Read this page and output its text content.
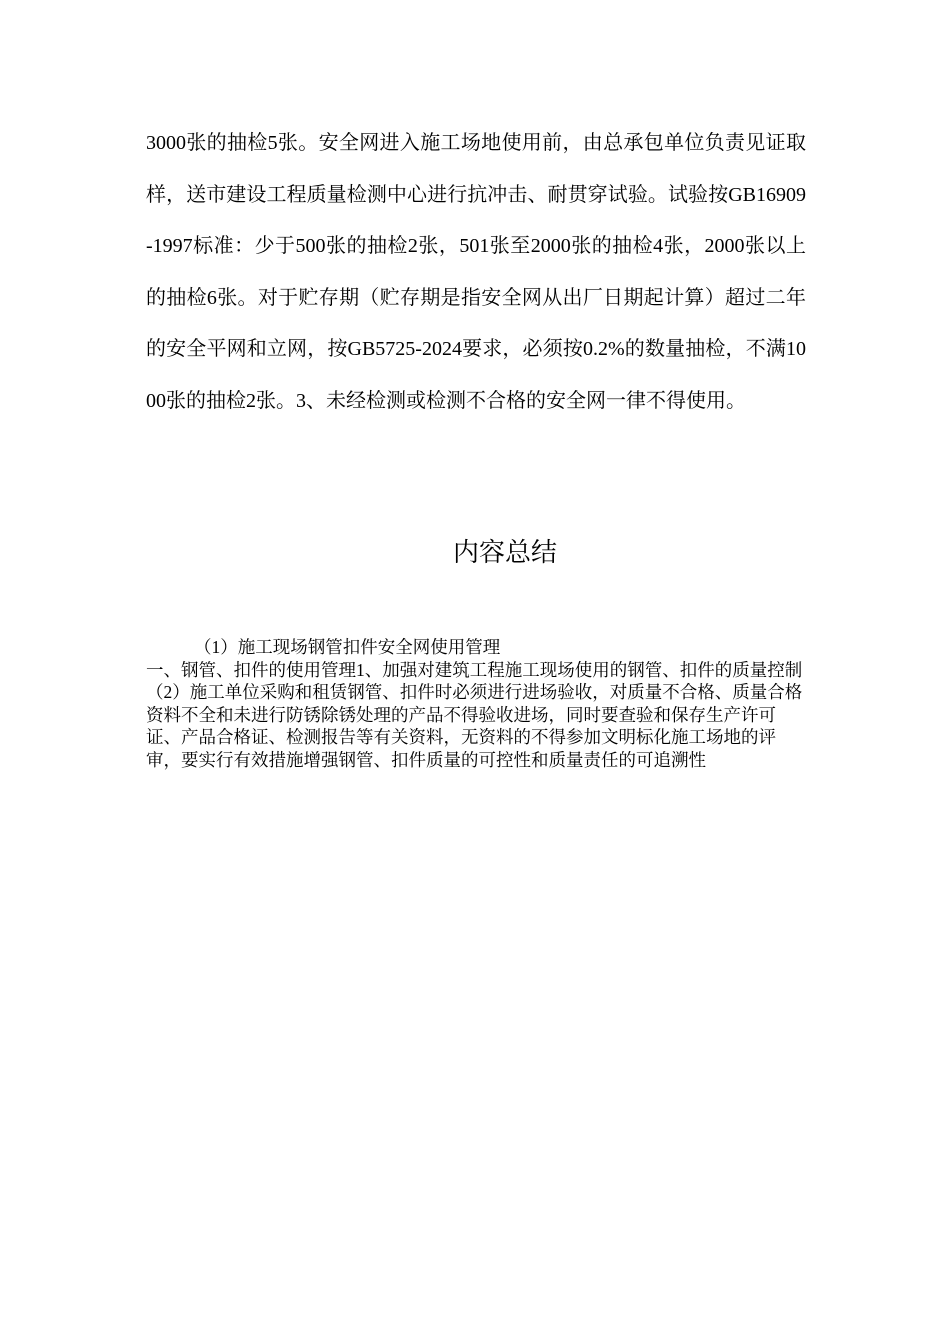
3000张的抽检5张。安全网进入施工场地使用前，由总承包单位负责见证取样，送市建设工程质量检测中心进行抗冲击、耐贯穿试验。试验按GB16909-1997标准：少于500张的抽检2张，501张至2000张的抽检4张，2000张以上的抽检6张。对于贮存期（贮存期是指安全网从出厂日期起计算）超过二年的安全平网和立网，按GB5725-2024要求，必须按0.2%的数量抽检，不满1000张的抽检2张。3、未经检测或检测不合格的安全网一律不得使用。

内容总结

（1）施工现场钢管扣件安全网使用管理

一、钢管、扣件的使用管理1、加强对建筑工程施工现场使用的钢管、扣件的质量控制

（2）施工单位采购和租赁钢管、扣件时必须进行进场验收，对质量不合格、质量合格资料不全和未进行防锈除锈处理的产品不得验收进场，同时要查验和保存生产许可证、产品合格证、检测报告等有关资料，无资料的不得参加文明标化施工场地的评审，要实行有效措施增强钢管、扣件质量的可控性和质量责任的可追溯性
